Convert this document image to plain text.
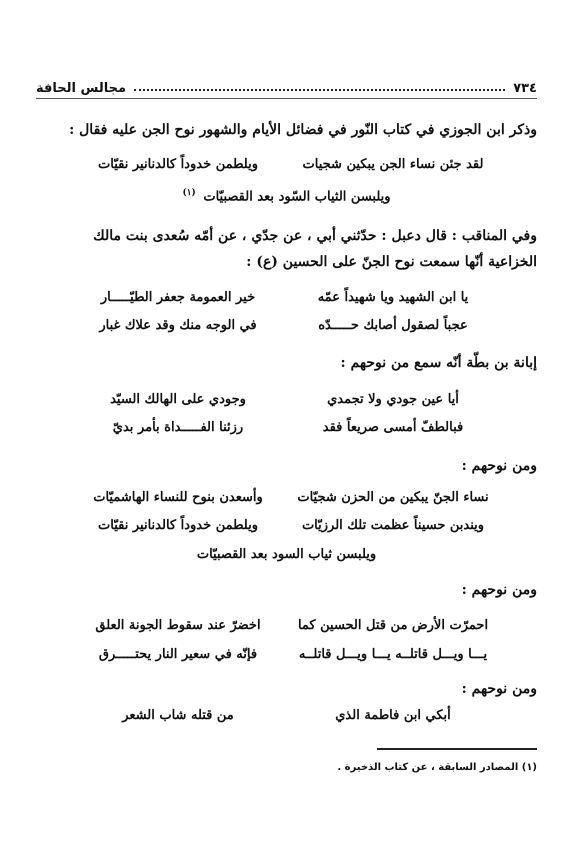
٧٣٤
مجالس الحافة
وذكر ابن الجوزي في كتاب النّور في فضائل الأيام والشهور نوح الجن عليه فقال :
لقد جئن نساء الجن يبكين شجيات
ويلطمن خدوداً كالدنانير نقيّات
ويلبسن الثياب السّود بعد القصبيّات $^{(١)}$
وفي المناقب : قال دعبل : حدّثني أبي ، عن جدّي ، عن أمّه سُعدى بنت مالك
الخزاعية أنّها سمعت نوح الجنّ على الحسين (ع) :
يا ابن الشهيد ويا شهيداً عمّه
خير العمومة جعفر الطيّـــــار
عجباً لصقول أصابك حـــــدّه
في الوجه منك وقد علاك غبار
إبانة بن بطّة أنّه سمع من نوحهم :
أيا عين جودي ولا تجمدي
وجودي على الهالك السيّد
فبالطفّ أمسى صريعاً فقد
رزئنا الفـــــداة بأمر بديّ
ومن نوحهم :
نساء الجنّ يبكين من الحزن شجيّات
وأسعدن بنوح للنساء الهاشميّات
ويندبن حسيناً عظمت تلك الرزيّات
ويلطمن خدوداً كالدنانير نقيّات
ويلبسن ثياب السود بعد القصبيّات
ومن نوحهم :
احمرّت الأرض من قتل الحسين كما
اخضرّ عند سقوط الجونة العلق
يـــا ويـــل قاتلــه يـــا ويـــل قاتلــه
فإنّه في سعير النار يحتـــــرق
ومن نوحهم :
أبكي ابن فاطمة الذي
من قتله شاب الشعر
(١) المصادر السابقة ، عن كتاب الذخيرة .
